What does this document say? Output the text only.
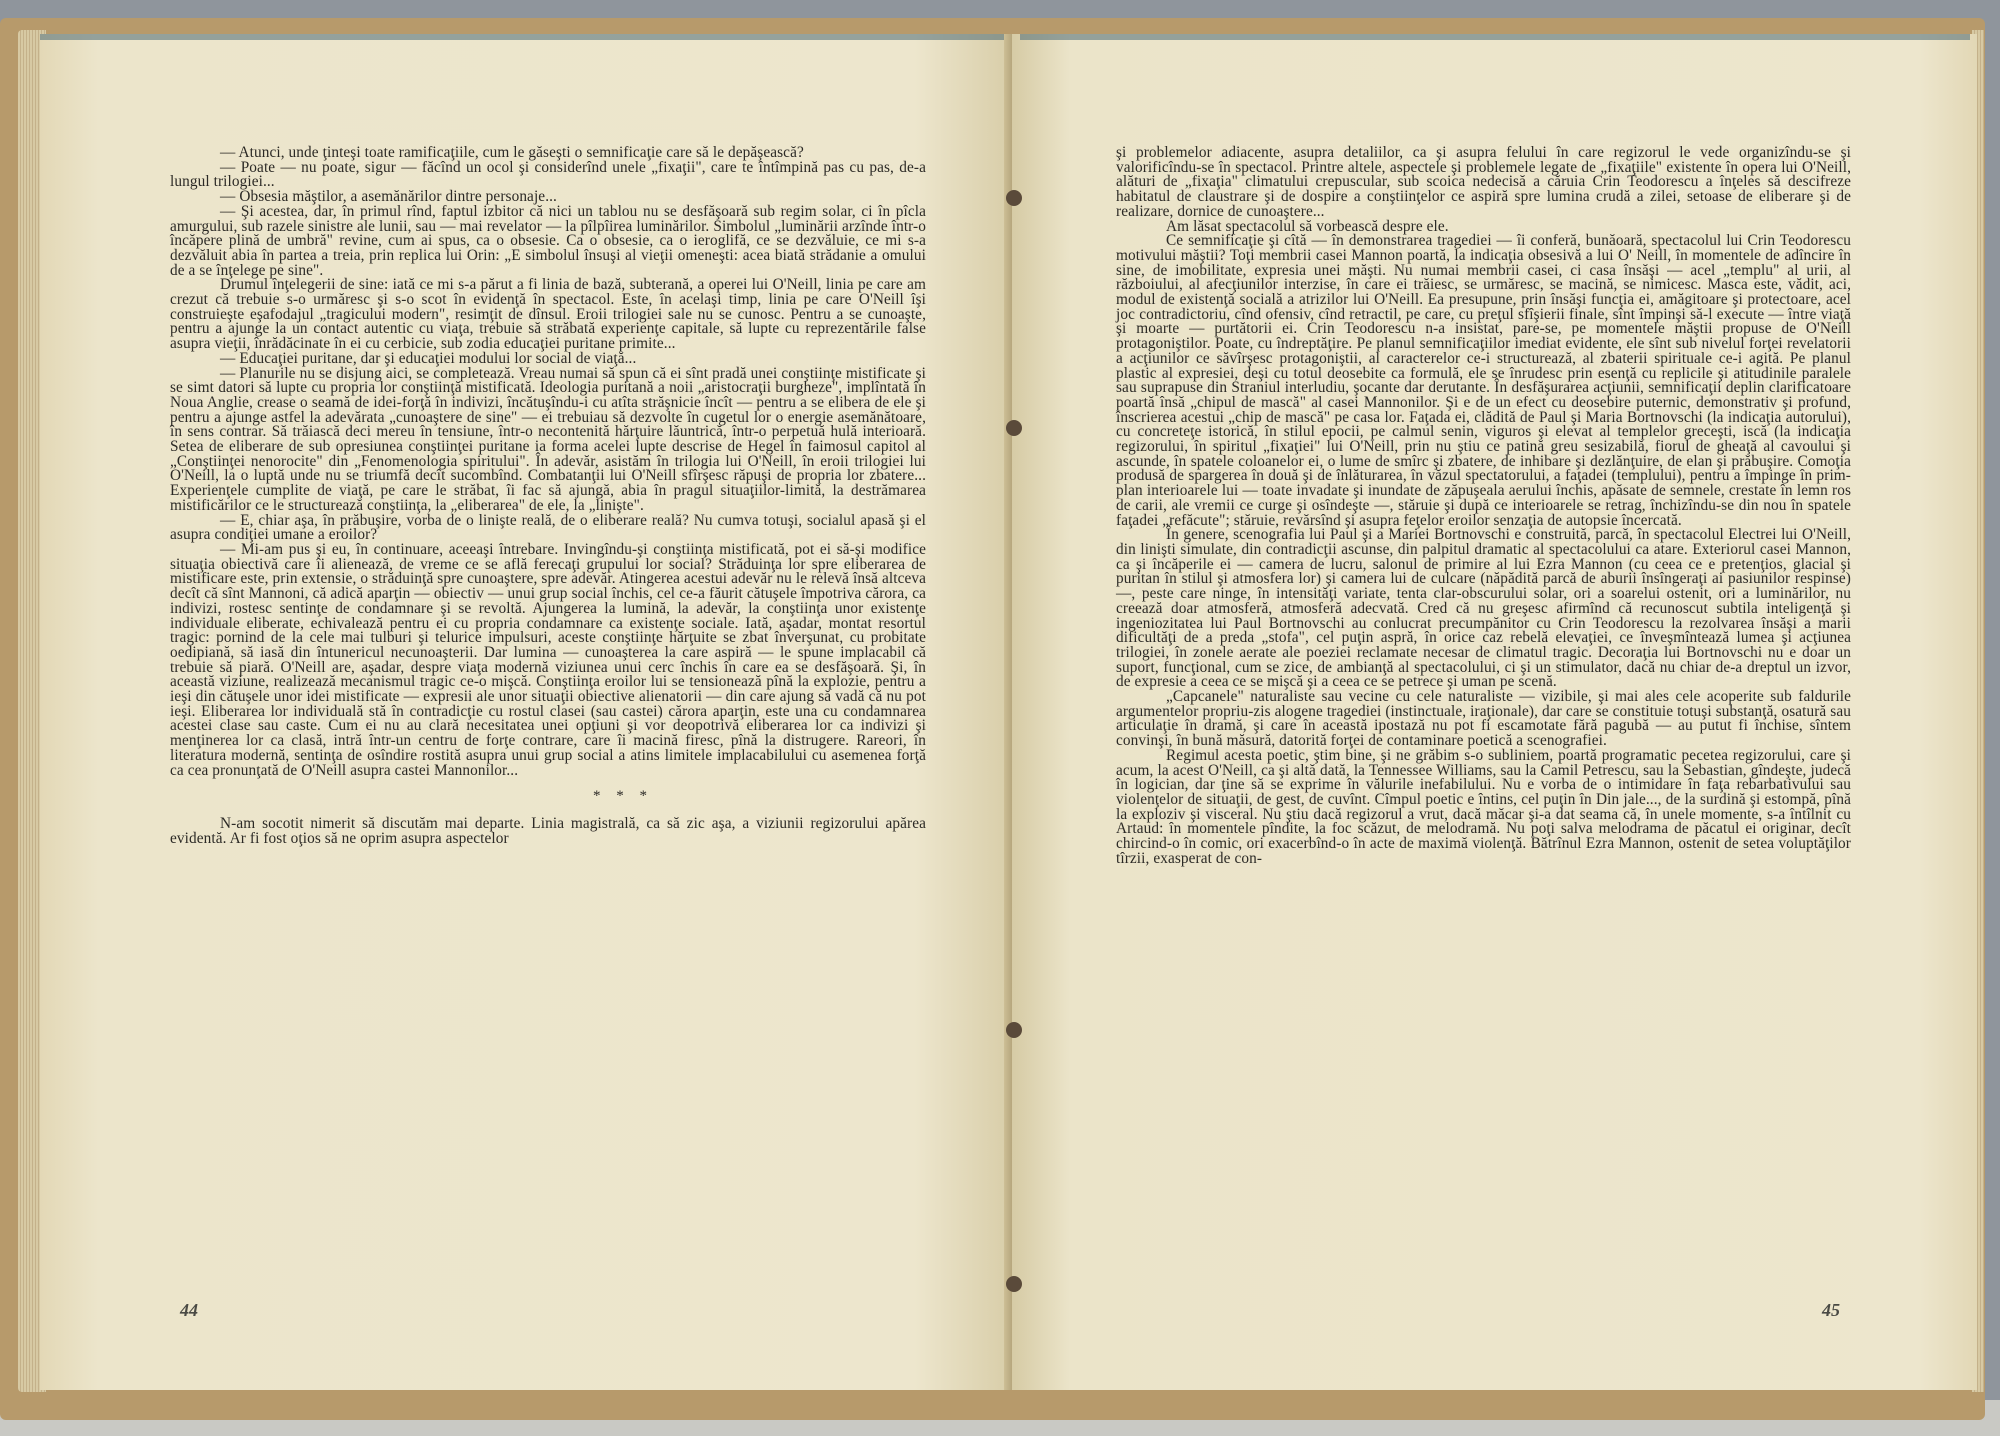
— Atunci, unde ţinteşi toate ramificaţiile, cum le găseşti o semnificaţie care să le depăşească?

— Poate — nu poate, sigur — făcînd un ocol şi considerînd unele „fixaţii", care te întîmpină pas cu pas, de-a lungul trilogiei...

— Obsesia măştilor, a asemănărilor dintre personaje...

— Şi acestea, dar, în primul rînd, faptul izbitor că nici un tablou nu se desfăşoară sub regim solar, ci în pîcla amurgului, sub razele sinistre ale lunii, sau — mai revelator — la pîlpîirea luminărilor. Simbolul „luminării arzînde într-o încăpere plină de umbră" revine, cum ai spus, ca o obsesie. Ca o obsesie, ca o ieroglifă, ce se dezvăluie, ce mi s-a dezvăluit abia în partea a treia, prin replica lui Orin: „E simbolul însuşi al vieţii omeneşti: acea biată strădanie a omului de a se înţelege pe sine".

Drumul înţelegerii de sine: iată ce mi s-a părut a fi linia de bază, subterană, a operei lui O'Neill, linia pe care am crezut că trebuie s-o urmăresc şi s-o scot în evidenţă în spectacol. Este, în acelaşi timp, linia pe care O'Neill îşi construieşte eşafodajul „tragicului modern", resimţit de dînsul. Eroii trilogiei sale nu se cunosc. Pentru a se cunoaşte, pentru a ajunge la un contact autentic cu viaţa, trebuie să străbată experienţe capitale, să lupte cu reprezentările false asupra vieţii, înrădăcinate în ei cu cerbicie, sub zodia educaţiei puritane primite...

— Educaţiei puritane, dar şi educaţiei modului lor social de viaţă...

— Planurile nu se disjung aici, se completează. Vreau numai să spun că ei sînt pradă unei conştiinţe mistificate şi se simt datori să lupte cu propria lor conştiinţă mistificată. Ideologia puritană a noii „aristocraţii burgheze", implîntată în Noua Anglie, crease o seamă de idei-forţă în indivizi, încătuşîndu-i cu atîta străşnicie încît — pentru a se elibera de ele şi pentru a ajunge astfel la adevărata „cunoaştere de sine" — ei trebuiau să dezvolte în cugetul lor o energie asemănătoare, în sens contrar. Să trăiască deci mereu în tensiune, într-o necontenită hărţuire lăuntrică, într-o perpetuă hulă interioară. Setea de eliberare de sub opresiunea conştiinţei puritane ia forma acelei lupte descrise de Hegel în faimosul capitol al „Conştiinţei nenorocite" din „Fenomenologia spiritului". În adevăr, asistăm în trilogia lui O'Neill, în eroii trilogiei lui O'Neill, la o luptă unde nu se triumfă decît sucombînd. Combatanţii lui O'Neill sfîrşesc răpuşi de propria lor zbatere... Experienţele cumplite de viaţă, pe care le străbat, îi fac să ajungă, abia în pragul situaţiilor-limită, la destrămarea mistificărilor ce le structurează conştiinţa, la „eliberarea" de ele, la „linişte".

— E, chiar aşa, în prăbuşire, vorba de o linişte reală, de o eliberare reală? Nu cumva totuşi, socialul apasă şi el asupra condiţiei umane a eroilor?

— Mi-am pus şi eu, în continuare, aceeaşi întrebare. Invingîndu-şi conştiinţa mistificată, pot ei să-şi modifice situaţia obiectivă care îi alienează, de vreme ce se află ferecaţi grupului lor social? Străduinţa lor spre eliberarea de mistificare este, prin extensie, o străduinţă spre cunoaştere, spre adevăr. Atingerea acestui adevăr nu le relevă însă altceva decît că sînt Mannoni, că adică aparţin — obiectiv — unui grup social închis, cel ce-a făurit cătuşele împotriva cărora, ca indivizi, rostesc sentinţe de condamnare şi se revoltă. Ajungerea la lumină, la adevăr, la conştiinţa unor existenţe individuale eliberate, echivalează pentru ei cu propria condamnare ca existenţe sociale. Iată, aşadar, montat resortul tragic: pornind de la cele mai tulburi şi telurice impulsuri, aceste conştiinţe hărţuite se zbat înverşunat, cu probitate oedipiană, să iasă din întunericul necunoaşterii. Dar lumina — cunoaşterea la care aspiră — le spune implacabil că trebuie să piară. O'Neill are, aşadar, despre viaţa modernă viziunea unui cerc închis în care ea se desfăşoară. Şi, în această viziune, realizează mecanismul tragic ce-o mişcă. Conştiinţa eroilor lui se tensionează pînă la explozie, pentru a ieşi din cătuşele unor idei mistificate — expresii ale unor situaţii obiective alienatorii — din care ajung să vadă că nu pot ieşi. Eliberarea lor individuală stă în contradicţie cu rostul clasei (sau castei) cărora aparţin, este una cu condamnarea acestei clase sau caste. Cum ei nu au clară necesitatea unei opţiuni şi vor deopotrivă eliberarea lor ca indivizi şi menţinerea lor ca clasă, intră într-un centru de forţe contrare, care îi macină firesc, pînă la distrugere. Rareori, în literatura modernă, sentinţa de osîndire rostită asupra unui grup social a atins limitele implacabilului cu asemenea forţă ca cea pronunţată de O'Neill asupra castei Mannonilor...

* * *

N-am socotit nimerit să discutăm mai departe. Linia magistrală, ca să zic aşa, a viziunii regizorului apărea evidentă. Ar fi fost oţios să ne oprim asupra aspectelor

44

şi problemelor adiacente, asupra detaliilor, ca şi asupra felului în care regizorul le vede organizîndu-se şi valorificîndu-se în spectacol. Printre altele, aspectele şi problemele legate de „fixaţiile" existente în opera lui O'Neill, alături de „fixaţia" climatului crepuscular, sub scoica nedecisă a căruia Crin Teodorescu a înţeles să descifreze habitatul de claustrare şi de dospire a conştiinţelor ce aspiră spre lumina crudă a zilei, setoase de eliberare şi de realizare, dornice de cunoaştere...

Am lăsat spectacolul să vorbească despre ele.

Ce semnificaţie şi cîtă — în demonstrarea tragediei — îi conferă, bunăoară, spectacolul lui Crin Teodorescu motivului măştii? Toţi membrii casei Mannon poartă, la indicaţia obsesivă a lui O' Neill, în momentele de adîncire în sine, de imobilitate, expresia unei măşti. Nu numai membrii casei, ci casa însăşi — acel „templu" al urii, al războiului, al afecţiunilor interzise, în care ei trăiesc, se urmăresc, se macină, se nimicesc. Masca este, vădit, aci, modul de existenţă socială a atrizilor lui O'Neill. Ea presupune, prin însăşi funcţia ei, amăgitoare şi protectoare, acel joc contradictoriu, cînd ofensiv, cînd retractil, pe care, cu preţul sfîşierii finale, sînt împinşi să-l execute — între viaţă şi moarte — purtătorii ei. Crin Teodorescu n-a insistat, pare-se, pe momentele măştii propuse de O'Neill protagoniştilor. Poate, cu îndreptăţire. Pe planul semnificaţiilor imediat evidente, ele sînt sub nivelul forţei revelatorii a acţiunilor ce săvîrşesc protagoniştii, al caracterelor ce-i structurează, al zbaterii spirituale ce-i agită. Pe planul plastic al expresiei, deşi cu totul deosebite ca formulă, ele se înrudesc prin esenţă cu replicile şi atitudinile paralele sau suprapuse din Straniul interludiu, şocante dar derutante. În desfăşurarea acţiunii, semnificaţii deplin clarificatoare poartă însă „chipul de mască" al casei Mannonilor. Şi e de un efect cu deosebire puternic, demonstrativ şi profund, înscrierea acestui „chip de mască" pe casa lor. Faţada ei, clădită de Paul şi Maria Bortnovschi (la indicaţia autorului), cu concreteţe istorică, în stilul epocii, pe calmul senin, viguros şi elevat al templelor greceşti, iscă (la indicaţia regizorului, în spiritul „fixaţiei" lui O'Neill, prin nu ştiu ce patină greu sesizabilă, fiorul de gheaţă al cavoului şi ascunde, în spatele coloanelor ei, o lume de smîrc şi zbatere, de inhibare şi dezlănţuire, de elan şi prăbuşire. Comoţia produsă de spargerea în două şi de înlăturarea, în văzul spectatorului, a faţadei (templului), pentru a împinge în prim-plan interioarele lui — toate invadate şi inundate de zăpuşeala aerului închis, apăsate de semnele, crestate în lemn ros de carii, ale vremii ce curge şi osîndeşte —, stăruie şi după ce interioarele se retrag, închizîndu-se din nou în spatele faţadei „refăcute"; stăruie, revărsînd şi asupra feţelor eroilor senzaţia de autopsie încercată.

În genere, scenografia lui Paul şi a Mariei Bortnovschi e construită, parcă, în spectacolul Electrei lui O'Neill, din linişti simulate, din contradicţii ascunse, din palpitul dramatic al spectacolului ca atare. Exteriorul casei Mannon, ca şi încăperile ei — camera de lucru, salonul de primire al lui Ezra Mannon (cu ceea ce e pretenţios, glacial şi puritan în stilul şi atmosfera lor) şi camera lui de culcare (năpădită parcă de aburii însîngeraţi ai pasiunilor respinse) —, peste care ninge, în intensităţi variate, tenta clar-obscurului solar, ori a soarelui ostenit, ori a luminărilor, nu creează doar atmosferă, atmosferă adecvată. Cred că nu greşesc afirmînd că recunoscut subtila inteligenţă şi ingeniozitatea lui Paul Bortnovschi au conlucrat precumpănitor cu Crin Teodorescu la rezolvarea însăşi a marii dificultăţi de a preda „stofa", cel puţin aspră, în orice caz rebelă elevaţiei, ce înveşmîntează lumea şi acţiunea trilogiei, în zonele aerate ale poeziei reclamate necesar de climatul tragic. Decoraţia lui Bortnovschi nu e doar un suport, funcţional, cum se zice, de ambianţă al spectacolului, ci şi un stimulator, dacă nu chiar de-a dreptul un izvor, de expresie a ceea ce se mişcă şi a ceea ce se petrece şi uman pe scenă.

„Capcanele" naturaliste sau vecine cu cele naturaliste — vizibile, şi mai ales cele acoperite sub faldurile argumentelor propriu-zis alogene tragediei (instinctuale, iraţionale), dar care se constituie totuşi substanţă, osatură sau articulaţie în dramă, şi care în această ipostază nu pot fi escamotate fără pagubă — au putut fi închise, sîntem convinşi, în bună măsură, datorită forţei de contaminare poetică a scenografiei.

Regimul acesta poetic, ştim bine, şi ne grăbim s-o subliniem, poartă programatic pecetea regizorului, care şi acum, la acest O'Neill, ca şi altă dată, la Tennessee Williams, sau la Camil Petrescu, sau la Sebastian, gîndeşte, judecă în logician, dar ţine să se exprime în vălurile inefabilului. Nu e vorba de o intimidare în faţa rebarbativului sau violenţelor de situaţii, de gest, de cuvînt. Cîmpul poetic e întins, cel puţin în Din jale..., de la surdină şi estompă, pînă la exploziv şi visceral. Nu ştiu dacă regizorul a vrut, dacă măcar şi-a dat seama că, în unele momente, s-a întîlnit cu Artaud: în momentele pîndite, la foc scăzut, de melodramă. Nu poţi salva melodrama de păcatul ei originar, decît chircind-o în comic, ori exacerbînd-o în acte de maximă violenţă. Bătrînul Ezra Mannon, ostenit de setea voluptăţilor tîrzii, exasperat de con-

45
